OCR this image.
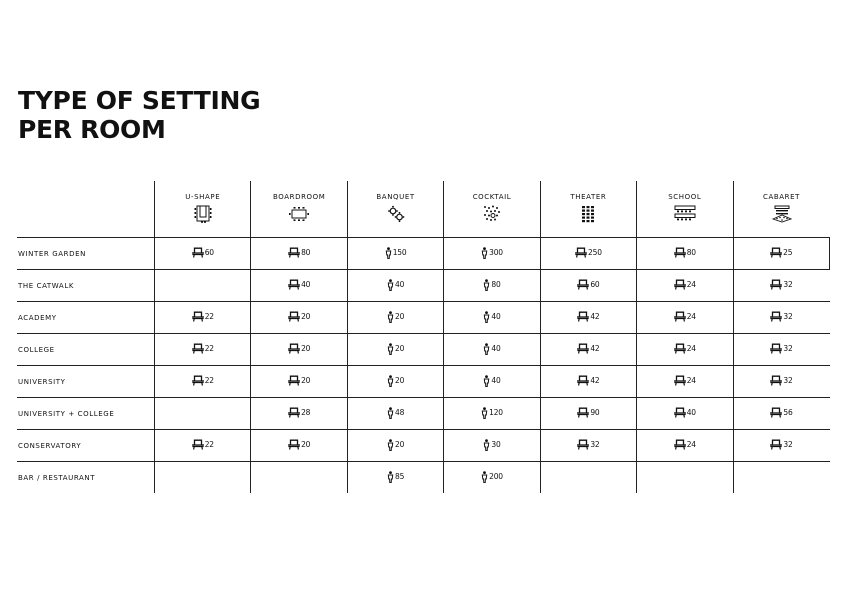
TYPE OF SETTING
PER ROOM

	U-SHAPE	BOARDROOM	BANQUET	COCKTAIL	THEATER	SCHOOL	CABARET

WINTER GARDEN	60	80	150	300	250	80	25

THE CATWALK		40	40	80	60	24	32

ACADEMY	22	20	20	40	42	24	32

COLLEGE	22	20	20	40	42	24	32

UNIVERSITY	22	20	20	40	42	24	32

UNIVERSITY + COLLEGE		28	48	120	90	40	56

CONSERVATORY	22	20	20	30	32	24	32

BAR / RESTAURANT			85	200			
